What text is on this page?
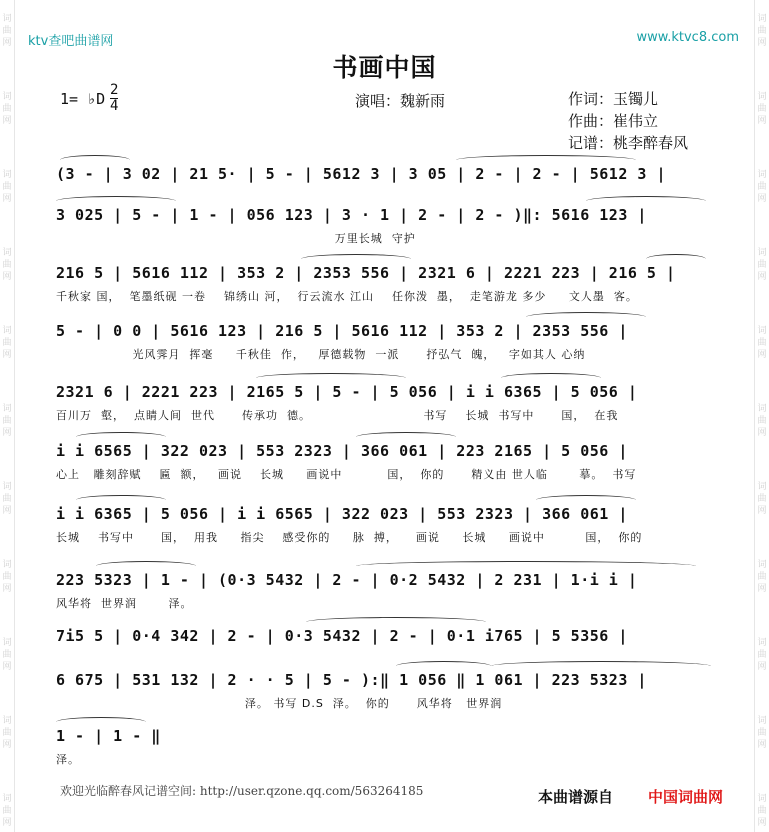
词
曲
网
词
曲
网
词
曲
网
词
曲
网
词
曲
网
词
曲
网
词
曲
网
词
曲
网
词
曲
网
词
曲
网
词
曲
网
词
曲
网
词
曲
网
词
曲
网
词
曲
网
词
曲
网
词
曲
网
词
曲
网
词
曲
网
词
曲
网
词
曲
网
词
曲
网
ktv查吧曲谱网	www.ktvc8.com
书画中国
1= ♭D 2
4	演唱：魏新雨	作词：玉镯儿
作曲：崔伟立
记谱：桃李醉春风
(3 - | 3 02 | 21 5· | 5 - | 5612 3 | 3 05 | 2 - | 2 - | 5612 3 |
3 025 | 5 - | 1 - | 056 123 | 3 · 1 | 2 - | 2 - )‖: 5616 123 |
万里长城  守护
216 5 | 5616 112 | 353 2 | 2353 556 | 2321 6 | 2221 223 | 216 5 |
千秋家 国，  笔墨纸砚 一卷    锦绣山 河，  行云流水 江山    任你泼  墨，  走笔游龙 多少     文人墨  客。
5 - | 0 0 | 5616 123 | 216 5 | 5616 112 | 353 2 | 2353 556 |
光风霁月  挥毫     千秋佳  作，   厚德载物  一派      抒弘气  魄，   字如其人 心纳
2321 6 | 2221 223 | 2165 5 | 5 - | 5 056 | i i 6365 | 5 056 |
百川万  壑，  点睛人间  世代      传承功  德。                         书写    长城  书写中      国，  在我
i i 6565 | 322 023 | 553 2323 | 366 061 | 223 2165 | 5 056 |
心上   雕刻辞赋    匾  额，   画说    长城     画说中          国，  你的      精义由 世人临       摹。  书写
i i 6365 | 5 056 | i i 6565 | 322 023 | 553 2323 | 366 061 |
长城    书写中      国，  用我     指尖    感受你的     脉  搏，    画说     长城     画说中         国，  你的
223 5323 | 1 - | (0·3 5432 | 2 - | 0·2 5432 | 2 231 | 1·i i |
风华将  世界润       泽。
7i5 5 | 0·4 342 | 2 - | 0·3 5432 | 2 - | 0·1 i765 | 5 5356 |
6 675 | 531 132 | 2 · · 5 | 5 - ):‖ 1 056 ‖ 1 061 | 223 5323 |
泽。 书写 D.S  泽。  你的      风华将   世界润
1 - | 1 - ‖
泽。
欢迎光临醉春风记谱空间: http://user.qzone.qq.com/563264185	本曲谱源自 中国词曲网
